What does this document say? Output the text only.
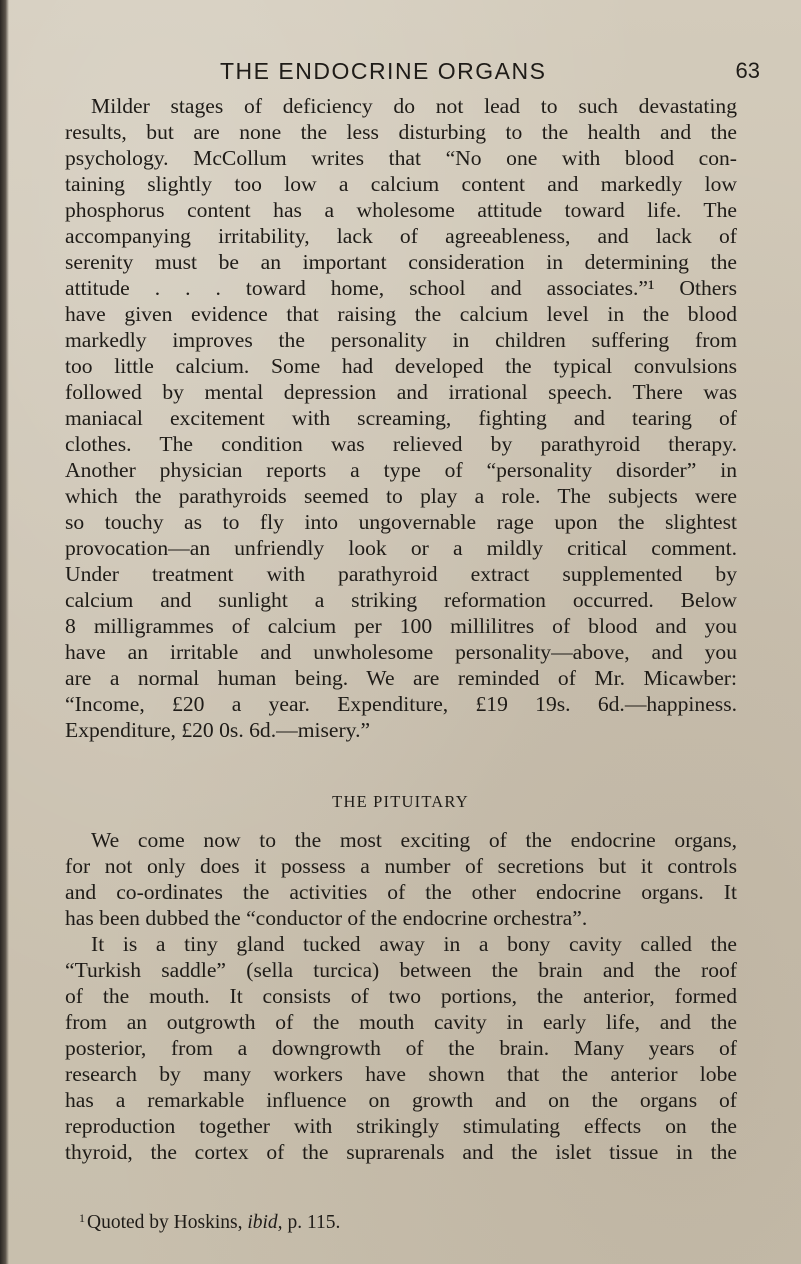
THE ENDOCRINE ORGANS	63
Milder stages of deficiency do not lead to such devastating
results, but are none the less disturbing to the health and the
psychology. McCollum writes that “No one with blood con-
taining slightly too low a calcium content and markedly low
phosphorus content has a wholesome attitude toward life. The
accompanying irritability, lack of agreeableness, and lack of
serenity must be an important consideration in determining the
attitude . . . toward home, school and associates.”¹ Others
have given evidence that raising the calcium level in the blood
markedly improves the personality in children suffering from
too little calcium. Some had developed the typical convulsions
followed by mental depression and irrational speech. There was
maniacal excitement with screaming, fighting and tearing of
clothes. The condition was relieved by parathyroid therapy.
Another physician reports a type of “personality disorder” in
which the parathyroids seemed to play a role. The subjects were
so touchy as to fly into ungovernable rage upon the slightest
provocation—an unfriendly look or a mildly critical comment.
Under treatment with parathyroid extract supplemented by
calcium and sunlight a striking reformation occurred. Below
8 milligrammes of calcium per 100 millilitres of blood and you
have an irritable and unwholesome personality—above, and you
are a normal human being. We are reminded of Mr. Micawber:
“Income, £20 a year. Expenditure, £19 19s. 6d.—happiness.
Expenditure, £20 0s. 6d.—misery.”
THE PITUITARY
We come now to the most exciting of the endocrine organs,
for not only does it possess a number of secretions but it controls
and co-ordinates the activities of the other endocrine organs. It
has been dubbed the “conductor of the endocrine orchestra”.
It is a tiny gland tucked away in a bony cavity called the
“Turkish saddle” (sella turcica) between the brain and the roof
of the mouth. It consists of two portions, the anterior, formed
from an outgrowth of the mouth cavity in early life, and the
posterior, from a downgrowth of the brain. Many years of
research by many workers have shown that the anterior lobe
has a remarkable influence on growth and on the organs of
reproduction together with strikingly stimulating effects on the
thyroid, the cortex of the suprarenals and the islet tissue in the
$^1$ Quoted by Hoskins, ibid, p. 115.
